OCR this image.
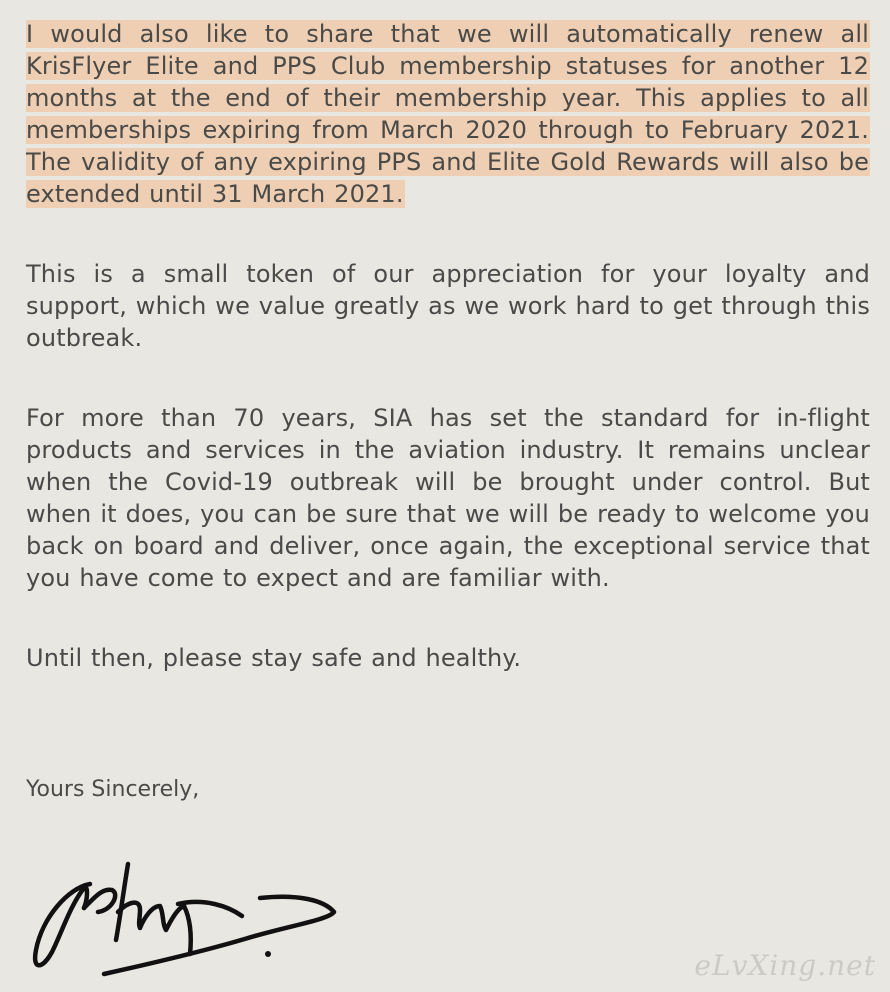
I would also like to share that we will automatically renew all KrisFlyer Elite and PPS Club membership statuses for another 12 months at the end of their membership year. This applies to all memberships expiring from March 2020 through to February 2021. The validity of any expiring PPS and Elite Gold Rewards will also be extended until 31 March 2021.

This is a small token of our appreciation for your loyalty and support, which we value greatly as we work hard to get through this outbreak.

For more than 70 years, SIA has set the standard for in-flight products and services in the aviation industry. It remains unclear when the Covid-19 outbreak will be brought under control. But when it does, you can be sure that we will be ready to welcome you back on board and deliver, once again, the exceptional service that you have come to expect and are familiar with.

Until then, please stay safe and healthy.

Yours Sincerely,

eLvXing.net
